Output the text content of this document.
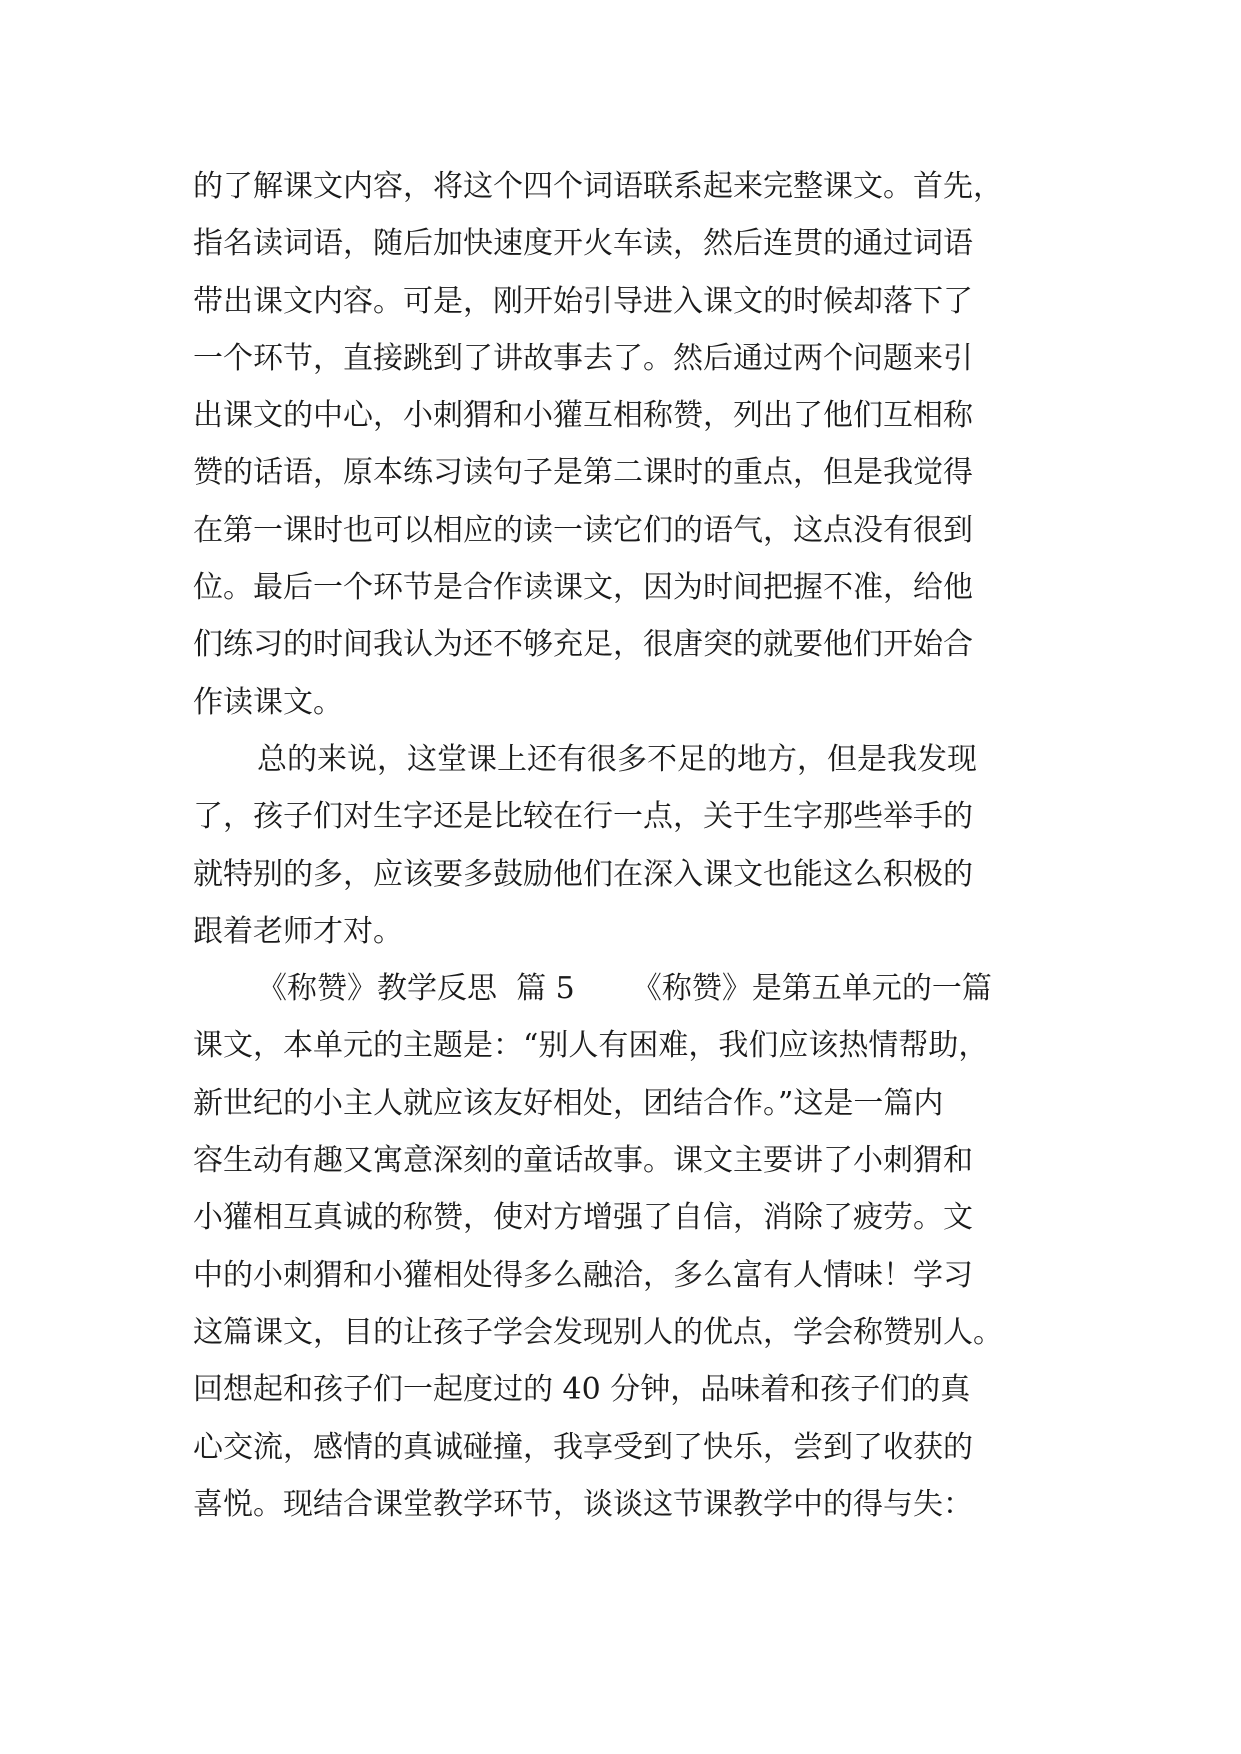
的了解课文内容，将这个四个词语联系起来完整课文。首先，
指名读词语，随后加快速度开火车读，然后连贯的通过词语
带出课文内容。可是，刚开始引导进入课文的时候却落下了
一个环节，直接跳到了讲故事去了。然后通过两个问题来引
出课文的中心，小刺猬和小獾互相称赞，列出了他们互相称
赞的话语，原本练习读句子是第二课时的重点，但是我觉得
在第一课时也可以相应的读一读它们的语气，这点没有很到
位。最后一个环节是合作读课文，因为时间把握不准，给他
们练习的时间我认为还不够充足，很唐突的就要他们开始合
作读课文。
总的来说，这堂课上还有很多不足的地方，但是我发现
了，孩子们对生字还是比较在行一点，关于生字那些举手的
就特别的多，应该要多鼓励他们在深入课文也能这么积极的
跟着老师才对。
《称赞》教学反思  篇 5      《称赞》是第五单元的一篇
课文，本单元的主题是：“别人有困难，我们应该热情帮助，
新世纪的小主人就应该友好相处，团结合作。”这是一篇内
容生动有趣又寓意深刻的童话故事。课文主要讲了小刺猬和
小獾相互真诚的称赞，使对方增强了自信，消除了疲劳。文
中的小刺猬和小獾相处得多么融洽，多么富有人情味！学习
这篇课文，目的让孩子学会发现别人的优点，学会称赞别人。
回想起和孩子们一起度过的 40 分钟，品味着和孩子们的真
心交流，感情的真诚碰撞，我享受到了快乐，尝到了收获的
喜悦。现结合课堂教学环节，谈谈这节课教学中的得与失：
